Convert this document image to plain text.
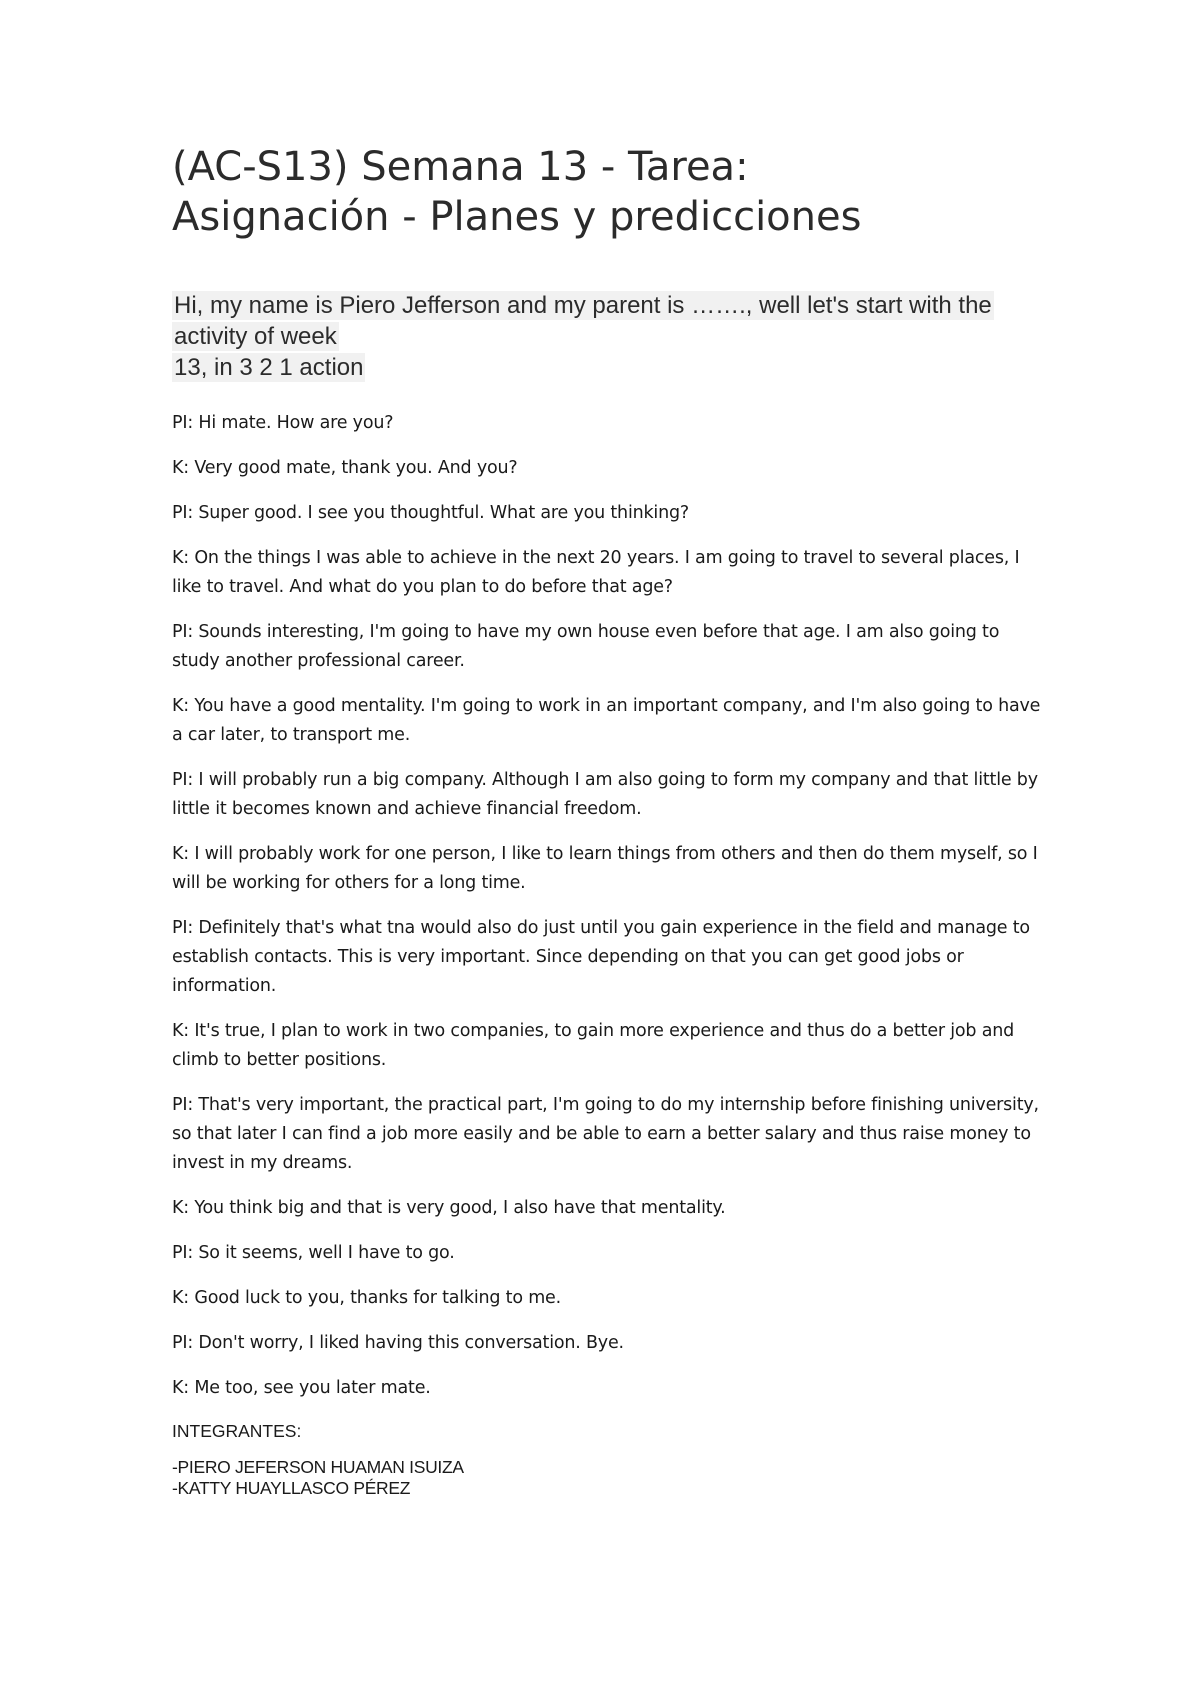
(AC-S13) Semana 13 - Tarea:
Asignación - Planes y predicciones
Hi, my name is Piero Jefferson and my parent is ……., well let's start with the
activity of week
13, in 3 2 1 action

PI: Hi mate. How are you?

K: Very good mate, thank you. And you?

PI: Super good. I see you thoughtful. What are you thinking?

K: On the things I was able to achieve in the next 20 years. I am going to travel to several places, I like to travel. And what do you plan to do before that age?

PI: Sounds interesting, I'm going to have my own house even before that age. I am also going to study another professional career.

K: You have a good mentality. I'm going to work in an important company, and I'm also going to have a car later, to transport me.

PI: I will probably run a big company. Although I am also going to form my company and that little by little it becomes known and achieve financial freedom.

K: I will probably work for one person, I like to learn things from others and then do them myself, so I will be working for others for a long time.

PI: Definitely that's what tna would also do just until you gain experience in the field and manage to establish contacts. This is very important. Since depending on that you can get good jobs or information.

K: It's true, I plan to work in two companies, to gain more experience and thus do a better job and climb to better positions.

PI: That's very important, the practical part, I'm going to do my internship before finishing university, so that later I can find a job more easily and be able to earn a better salary and thus raise money to invest in my dreams.

K: You think big and that is very good, I also have that mentality.

PI: So it seems, well I have to go.

K: Good luck to you, thanks for talking to me.

PI: Don't worry, I liked having this conversation. Bye.

K: Me too, see you later mate.

INTEGRANTES:

-PIERO JEFERSON HUAMAN ISUIZA

-KATTY HUAYLLASCO PÉREZ
